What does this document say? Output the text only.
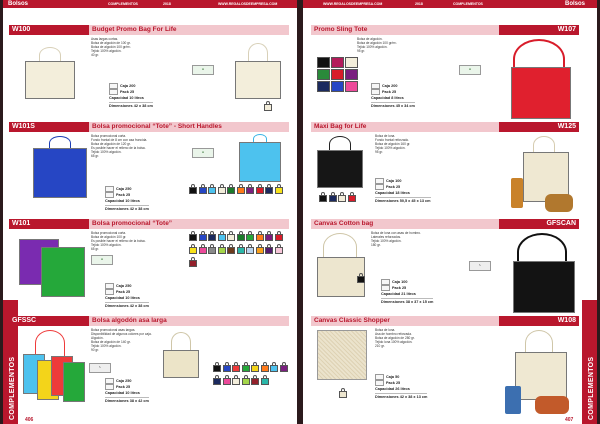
Bolsos	COMPLEMENTOS	2018	WWW.REGALOSDEEMPRESA.COM
COMPLEMENTOS 406
W100	Budget Promo Bag For Life
Asas largas cortas.
Bolsa de algodón de 100 gr.
Bolsa de algodón 100 gr/m².
Tejido 100% algodón.
40 gr.
♻
Caja 200
Pack 25
Capacidad 10 litros
Dimensiones 42 x 38 cm
W101S	Bolsa promocional “Tote” - Short Handles
Bolsa promocional corta.
Fondo frontal de 8 cm con asa fruncida.
Bolsa de algodón de 120 gr.
Es posible hacer el relleno de la bolsa.
Tejido 100% algodón.
65 gr.
♻
Caja 250
Pack 25
Capacidad 10 litros
Dimensiones 42 x 38 cm
W101	Bolsa promocional “Tote”
Bolsa promocional corta.
Bolsa de algodón 100 gr.
Es posible hacer el relleno de la bolsa.
Tejido 100% algodón.
65 gr.
♻
Caja 250
Pack 25
Capacidad 10 litros
Dimensiones 42 x 38 cm
GFSSC	Bolsa algodón asa larga
Bolsa promocional asas largas.
Disponibilidad de algunos colores por caja.
Algodón.
Bolsa de algodón de 140 gr.
Tejido 100% algodón.
90 gr.
✎
Caja 250
Pack 25
Capacidad 10 litros
Dimensiones 38 x 42 cm
WWW.REGALOSDEEMPRESA.COM	2018	COMPLEMENTOS	Bolsos
COMPLEMENTOS
407
Promo Sling Tote	W107
Bolsa de algodón.
Bolsa de algodón 100 gr/m².
Tejido 100% algodón.
95 gr.
♻
Caja 200
Pack 25
Capacidad 8 litros
Dimensiones 45 x 34 cm
Maxi Bag for Life	W125
Bolsa de lona.
Fondo frontal reforzado.
Bolsa de algodón 160 gr.
Tejido 100% algodón.
95 gr.
Caja 100
Pack 25
Capacidad 18 litros
Dimensiones 50,5 x 45 x 13 cm
Canvas Cotton bag	GFSCAN
Bolsa de lona con asas de hombro.
Laterales reforzados.
Tejido 100% algodón.
180 gr.
✎
Caja 100
Pack 25
Capacidad 21 litros
Dimensiones 38 x 37 x 15 cm
Canvas Classic Shopper	W108
Bolsa de lona.
Asa de hombro reforzada.
Bolsa de algodón de 280 gr.
Tejido lona 100% algodón.
210 gr.
Caja 50
Pack 25
Capacidad 26 litros
Dimensiones 42 x 38 x 13 cm
